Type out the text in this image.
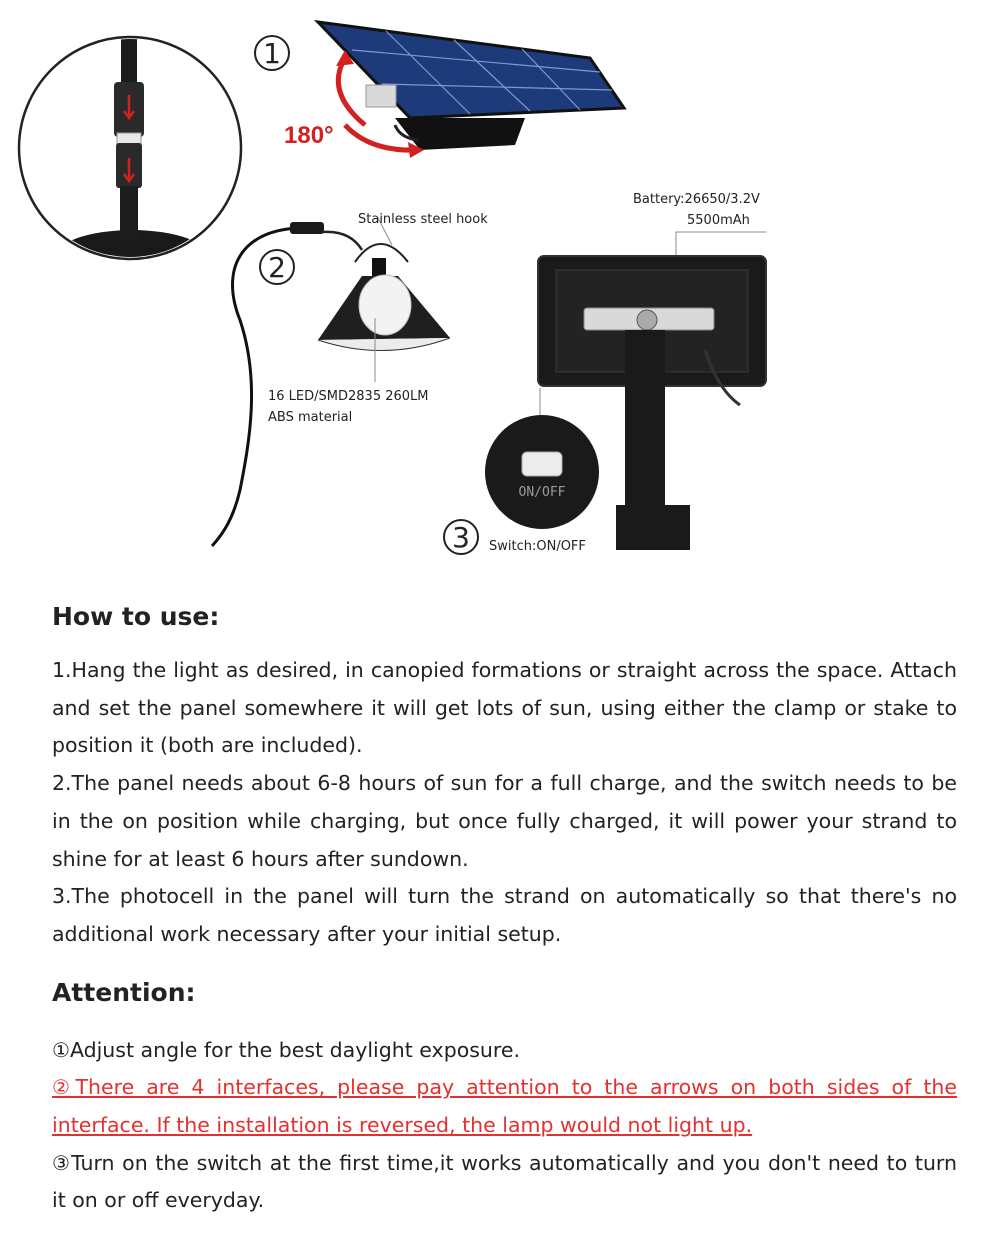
1
180°
2
Stainless steel hook
16 LED/SMD2835 260LM
ABS material
Battery:26650/3.2V
5500mAh
ON/OFF
3 Switch:ON/OFF
How to use:

1.Hang the light as desired, in canopied formations or straight across the space. Attach and set the panel somewhere it will get lots of sun, using either the clamp or stake to position it (both are included).

2.The panel needs about 6-8 hours of sun for a full charge, and the switch needs to be in the on position while charging, but once fully charged, it will power your strand to shine for at least 6 hours after sundown.

3.The photocell in the panel will turn the strand on automatically so that there's no additional work necessary after your initial setup.

Attention:

①Adjust angle for the best daylight exposure.

②There are 4 interfaces, please pay attention to the arrows on both sides of the interface. If the installation is reversed, the lamp would not light up.

③Turn on the switch at the first time,it works automatically and you don't need to turn it on or off everyday.
